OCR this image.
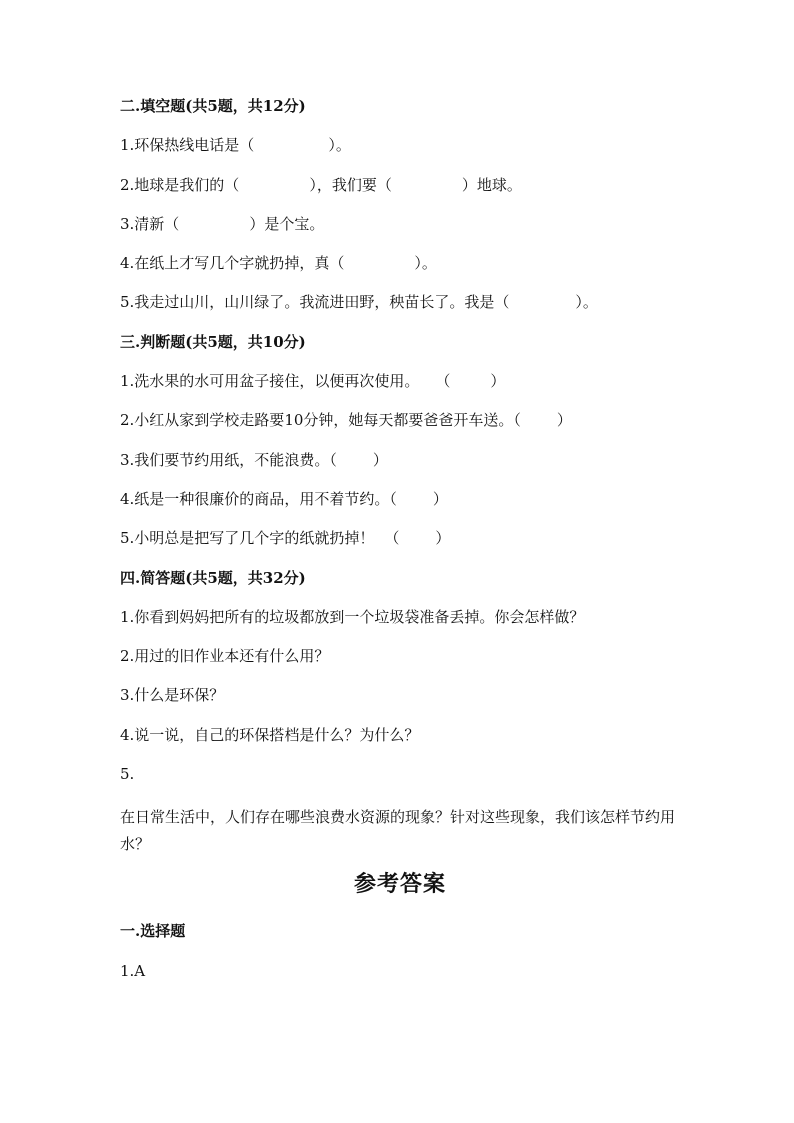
二.填空题(共5题，共12分)
1.环保热线电话是（	）。
2.地球是我们的（	），我们要（	）地球。
3.清新（	）是个宝。
4.在纸上才写几个字就扔掉，真（	）。
5.我走过山川，山川绿了。我流进田野，秧苗长了。我是（	）。
三.判断题(共5题，共10分)
1.洗水果的水可用盆子接住，以便再次使用。 （	）
2.小红从家到学校走路要10分钟，她每天都要爸爸开车送。（ ）
3.我们要节约用纸，不能浪费。（ ）
4.纸是一种很廉价的商品，用不着节约。（ ）
5.小明总是把写了几个字的纸就扔掉！ （ ）
四.简答题(共5题，共32分)
1.你看到妈妈把所有的垃圾都放到一个垃圾袋准备丢掉。你会怎样做？
2.用过的旧作业本还有什么用？
3.什么是环保？
4.说一说，自己的环保搭档是什么？为什么？
5.
在日常生活中，人们存在哪些浪费水资源的现象？针对这些现象，我们该怎样节约用水？
参考答案
一.选择题
1.A
